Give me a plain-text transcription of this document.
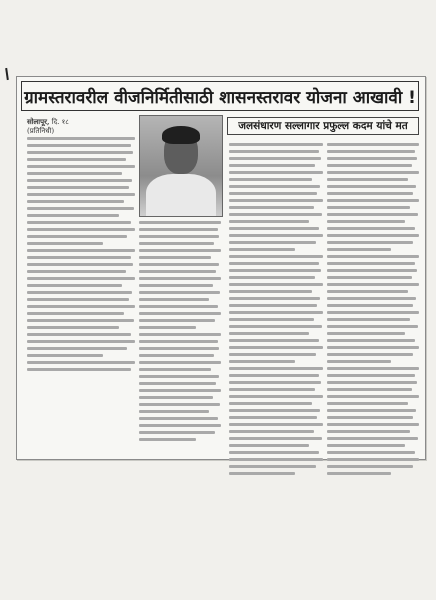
ग्रामस्तरावरील वीजनिर्मितीसाठी शासनस्तरावर योजना आखावी !
सोलापूर, दि. १८
(प्रतिनिधी)	जलसंधारण सल्लागार प्रफुल्ल कदम यांचे मत
